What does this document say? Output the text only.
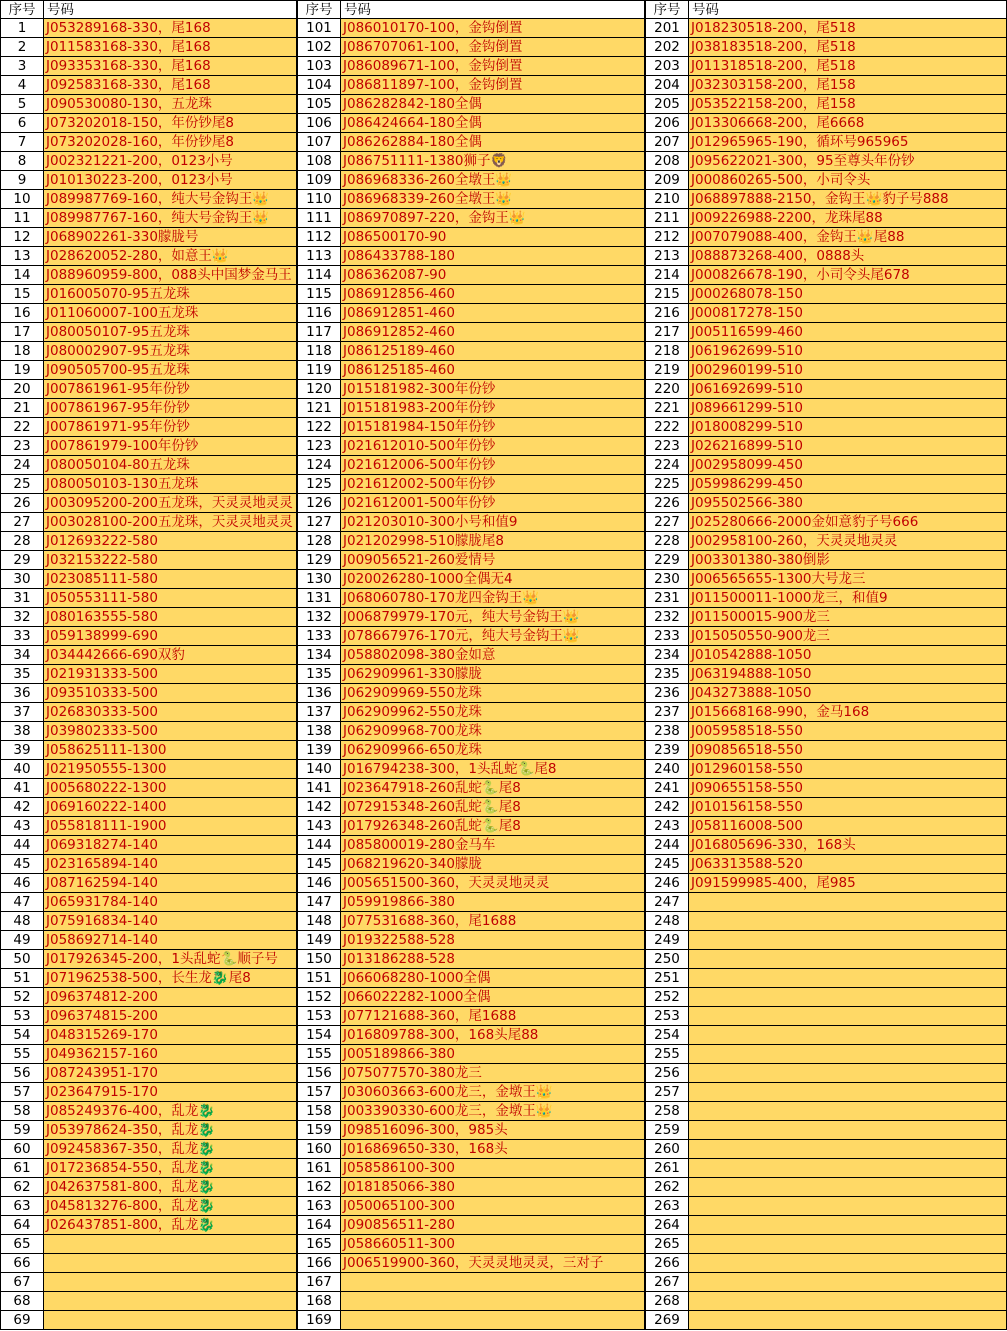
序号 号码
1	J053289168-330，尾168
2	J011583168-330，尾168
3	J093353168-330，尾168
4	J092583168-330，尾168
5	J090530080-130，五龙珠
6	J073202018-150，年份钞尾8
7	J073202028-160，年份钞尾8
8	J002321221-200，0123小号
9	J010130223-200，0123小号
10	J089987769-160，纯大号金钩王👑
11	J089987767-160，纯大号金钩王👑
12	J068902261-330朦胧号
13	J028620052-280，如意王👑
14	J088960959-800，088头中国梦金马王
15	J016005070-95五龙珠
16	J011060007-100五龙珠
17	J080050107-95五龙珠
18	J080002907-95五龙珠
19	J090505700-95五龙珠
20	J007861961-95年份钞
21	J007861967-95年份钞
22	J007861971-95年份钞
23	J007861979-100年份钞
24	J080050104-80五龙珠
25	J080050103-130五龙珠
26	J003095200-200五龙珠，天灵灵地灵灵
27	J003028100-200五龙珠，天灵灵地灵灵
28	J012693222-580
29	J032153222-580
30	J023085111-580
31	J050553111-580
32	J080163555-580
33	J059138999-690
34	J034442666-690双豹
35	J021931333-500
36	J093510333-500
37	J026830333-500
38	J039802333-500
39	J058625111-1300
40	J021950555-1300
41	J005680222-1300
42	J069160222-1400
43	J055818111-1900
44	J069318274-140
45	J023165894-140
46	J087162594-140
47	J065931784-140
48	J075916834-140
49	J058692714-140
50	J017926345-200，1头乱蛇🐍顺子号
51	J071962538-500，长生龙🐉尾8
52	J096374812-200
53	J096374815-200
54	J048315269-170
55	J049362157-160
56	J087243951-170
57	J023647915-170
58	J085249376-400，乱龙🐉
59	J053978624-350，乱龙🐉
60	J092458367-350，乱龙🐉
61	J017236854-550，乱龙🐉
62	J042637581-800，乱龙🐉
63	J045813276-800，乱龙🐉
64	J026437851-800，乱龙🐉
65
66
67
68
69
序号 号码
101 J086010170-100，金钩倒置
102 J086707061-100，金钩倒置
103 J086089671-100，金钩倒置
104 J086811897-100，金钩倒置
105 J086282842-180全偶
106 J086424664-180全偶
107 J086262884-180全偶
108 J086751111-1380狮子🦁
109 J086968336-260全墩王👑
110 J086968339-260全墩王👑
111 J086970897-220，金钩王👑
112 J086500170-90
113 J086433788-180
114 J086362087-90
115 J086912856-460
116 J086912851-460
117 J086912852-460
118 J086125189-460
119 J086125185-460
120 J015181982-300年份钞
121 J015181983-200年份钞
122 J015181984-150年份钞
123 J021612010-500年份钞
124 J021612006-500年份钞
125 J021612002-500年份钞
126 J021612001-500年份钞
127 J021203010-300小号和值9
128 J021202998-510朦胧尾8
129 J009056521-260爱情号
130 J020026280-1000全偶无4
131 J068060780-170龙四金钩王👑
132 J006879979-170元，纯大号金钩王👑
133 J078667976-170元，纯大号金钩王👑
134 J058802098-380金如意
135 J062909961-330朦胧
136 J062909969-550龙珠
137 J062909962-550龙珠
138 J062909968-700龙珠
139 J062909966-650龙珠
140 J016794238-300，1头乱蛇🐍尾8
141 J023647918-260乱蛇🐍尾8
142 J072915348-260乱蛇🐍尾8
143 J017926348-260乱蛇🐍尾8
144 J085800019-280金马车
145 J068219620-340朦胧
146 J005651500-360，天灵灵地灵灵
147 J059919866-380
148 J077531688-360，尾1688
149 J019322588-528
150 J013186288-528
151 J066068280-1000全偶
152 J066022282-1000全偶
153 J077121688-360，尾1688
154 J016809788-300，168头尾88
155 J005189866-380
156 J075077570-380龙三
157 J030603663-600龙三，金墩王👑
158 J003390330-600龙三，金墩王👑
159 J098516096-300，985头
160 J016869650-330，168头
161 J058586100-300
162 J018185066-380
163 J050065100-300
164 J090856511-280
165 J058660511-300
166 J006519900-360，天灵灵地灵灵，三对子
167
168
169
序号 号码
201 J018230518-200，尾518
202 J038183518-200，尾518
203 J011318518-200，尾518
204 J032303158-200，尾158
205 J053522158-200，尾158
206 J013306668-200，尾6668
207 J012965965-190，循环号965965
208 J095622021-300，95至尊头年份钞
209 J000860265-500，小司令头
210 J068897888-2150，金钩王👑豹子号888
211 J009226988-2200，龙珠尾88
212 J007079088-400，金钩王👑尾88
213 J088873268-400，0888头
214 J000826678-190，小司令头尾678
215 J000268078-150
216 J000817278-150
217 J005116599-460
218 J061962699-510
219 J002960199-510
220 J061692699-510
221 J089661299-510
222 J018008299-510
223 J026216899-510
224 J002958099-450
225 J059986299-450
226 J095502566-380
227 J025280666-2000金如意豹子号666
228 J002958100-260，天灵灵地灵灵
229 J003301380-380倒影
230 J006565655-1300大号龙三
231 J011500011-1000龙三，和值9
232 J011500015-900龙三
233 J015050550-900龙三
234 J010542888-1050
235 J063194888-1050
236 J043273888-1050
237 J015668168-990，金马168
238 J005958518-550
239 J090856518-550
240 J012960158-550
241 J090655158-550
242 J010156158-550
243 J058116008-500
244 J016805696-330，168头
245 J063313588-520
246 J091599985-400，尾985
247
248
249
250
251
252
253
254
255
256
257
258
259
260
261
262
263
264
265
266
267
268
269
